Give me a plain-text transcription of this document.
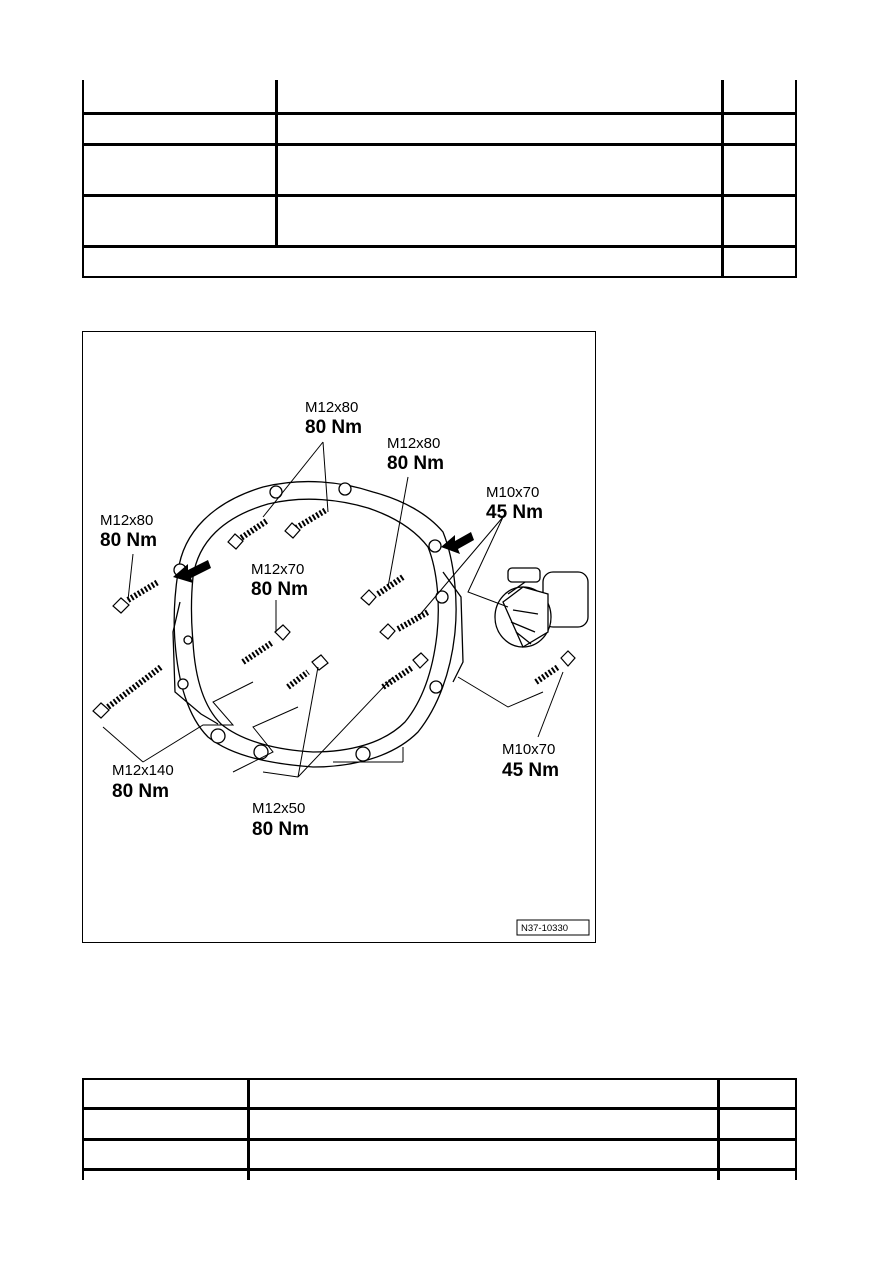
M12x80
80 Nm
M12x80
80 Nm
M12x80
80 Nm
M10x70
45 Nm
M12x70
80 Nm
M12x140
80 Nm
M12x50
80 Nm
M10x70
45 Nm
N37-10330
